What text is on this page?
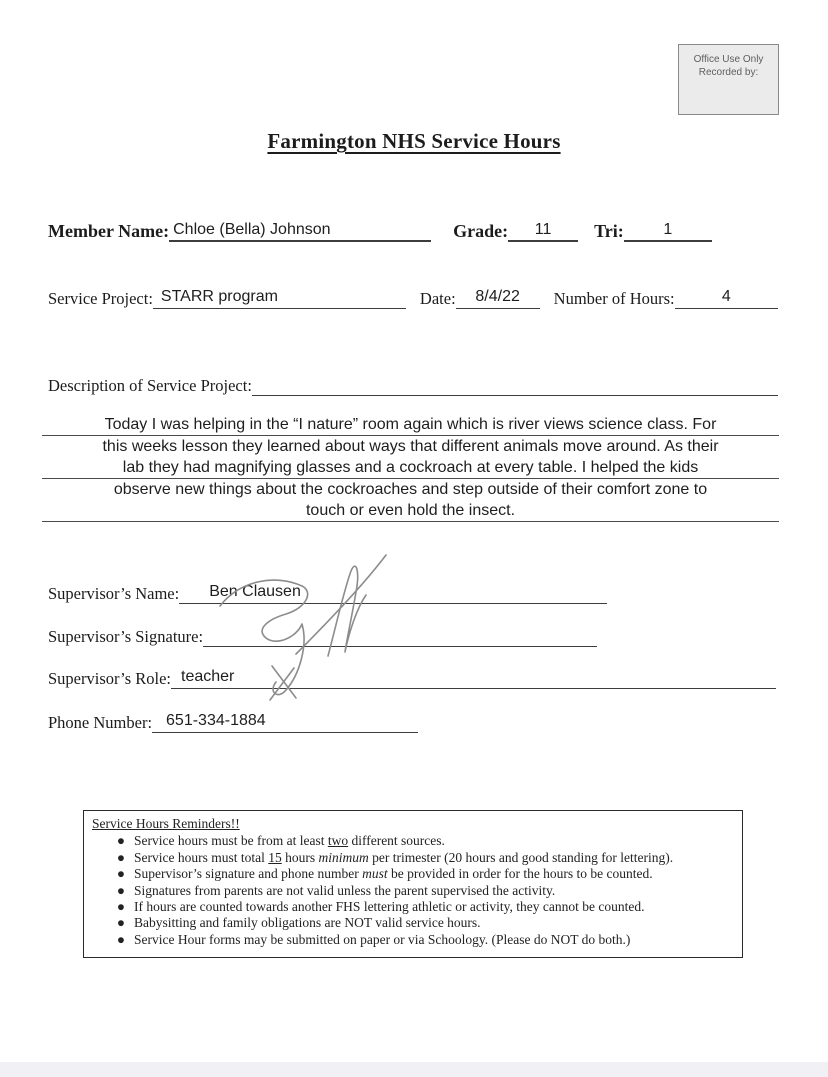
Office Use Only
Recorded by:
Farmington NHS Service Hours
Member Name: Chloe (Bella) Johnson	Grade:	11	Tri:	1
Service Project: STARR program	Date:	8/4/22	Number of Hours:	4
Description of Service Project:
Today I was helping in the “I nature” room again which is river views science class. For
this weeks lesson they learned about ways that different animals move around. As their
lab they had magnifying glasses and a cockroach at every table. I helped the kids
observe new things about the cockroaches and step outside of their comfort zone to
touch or even hold the insect.
Supervisor’s Name:	Ben Clausen
Supervisor’s Signature:
Supervisor’s Role: teacher
Phone Number: 651-334-1884
Service Hours Reminders!!
● Service hours must be from at least two different sources.
● Service hours must total 15 hours minimum per trimester (20 hours and good standing for lettering).
● Supervisor’s signature and phone number must be provided in order for the hours to be counted.
● Signatures from parents are not valid unless the parent supervised the activity.
● If hours are counted towards another FHS lettering athletic or activity, they cannot be counted.
● Babysitting and family obligations are NOT valid service hours.
● Service Hour forms may be submitted on paper or via Schoology. (Please do NOT do both.)
